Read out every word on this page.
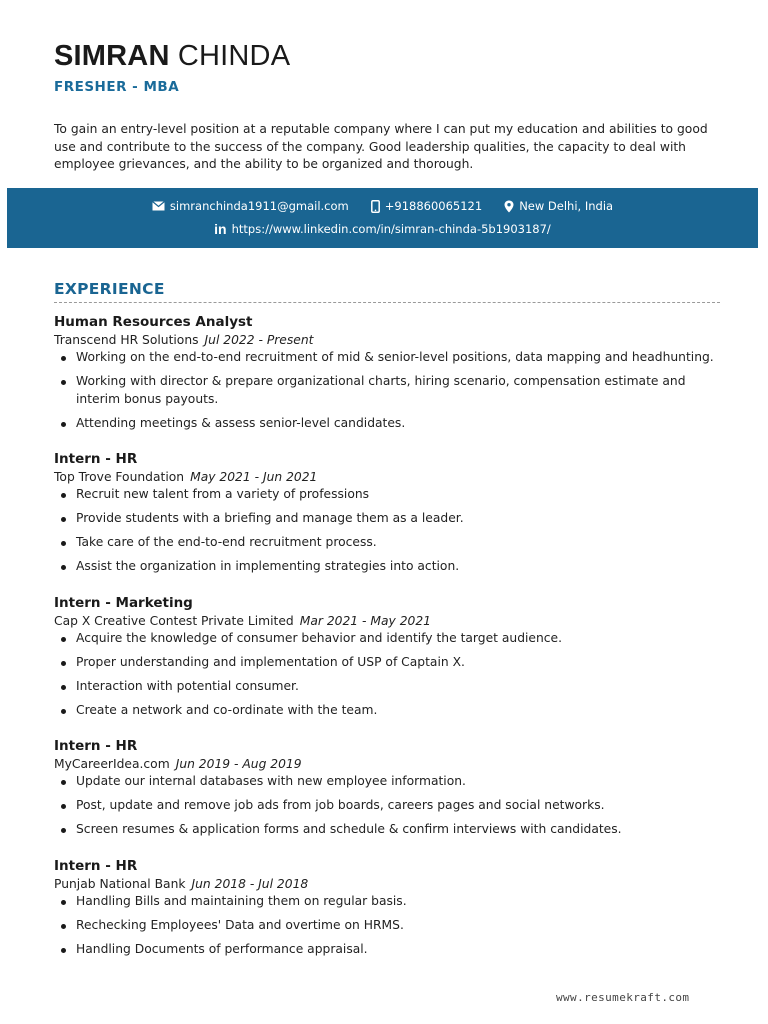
SIMRAN CHINDA
FRESHER - MBA

To gain an entry-level position at a reputable company where I can put my education and abilities to good use and contribute to the success of the company. Good leadership qualities, the capacity to deal with employee grievances, and the ability to be organized and thorough.

simranchinda1911@gmail.com	+918860065121	New Delhi, India
in https://www.linkedin.com/in/simran-chinda-5b1903187/
EXPERIENCE
Human Resources Analyst
Transcend HR Solutions Jul 2022 - Present
Working on the end-to-end recruitment of mid & senior-level positions, data mapping and headhunting.
Working with director & prepare organizational charts, hiring scenario, compensation estimate and interim bonus payouts.
Attending meetings & assess senior-level candidates.
Intern - HR
Top Trove Foundation May 2021 - Jun 2021
Recruit new talent from a variety of professions
Provide students with a briefing and manage them as a leader.
Take care of the end-to-end recruitment process.
Assist the organization in implementing strategies into action.
Intern - Marketing
Cap X Creative Contest Private Limited Mar 2021 - May 2021
Acquire the knowledge of consumer behavior and identify the target audience.
Proper understanding and implementation of USP of Captain X.
Interaction with potential consumer.
Create a network and co-ordinate with the team.
Intern - HR
MyCareerIdea.com Jun 2019 - Aug 2019
Update our internal databases with new employee information.
Post, update and remove job ads from job boards, careers pages and social networks.
Screen resumes & application forms and schedule & confirm interviews with candidates.
Intern - HR
Punjab National Bank Jun 2018 - Jul 2018
Handling Bills and maintaining them on regular basis.
Rechecking Employees' Data and overtime on HRMS.
Handling Documents of performance appraisal.
www.resumekraft.com
